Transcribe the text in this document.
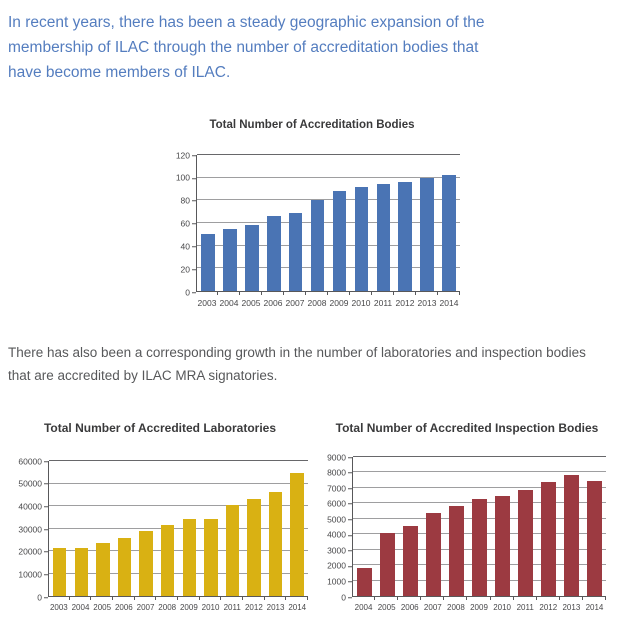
In recent years, there has been a steady geographic expansion of the membership of ILAC through the number of accreditation bodies that have become members of ILAC.

Total Number of Accreditation Bodies
0
20
40
60
80
100
120
2003 2004 2005 2006 2007 2008 2009 2010 2011 2012 2013 2014

There has also been a corresponding growth in the number of laboratories and inspection bodies that are accredited by ILAC MRA signatories.

Total Number of Accredited Laboratories
0
10000
20000
30000
40000
50000
60000
2003 2004 2005 2006 2007 2008 2009 2010 2011 2012 2013 2014
Total Number of Accredited Inspection Bodies
0
1000
2000
3000
4000
5000
6000
7000
8000
9000
2004 2005 2006 2007 2008 2009 2010 2011 2012 2013 2014
